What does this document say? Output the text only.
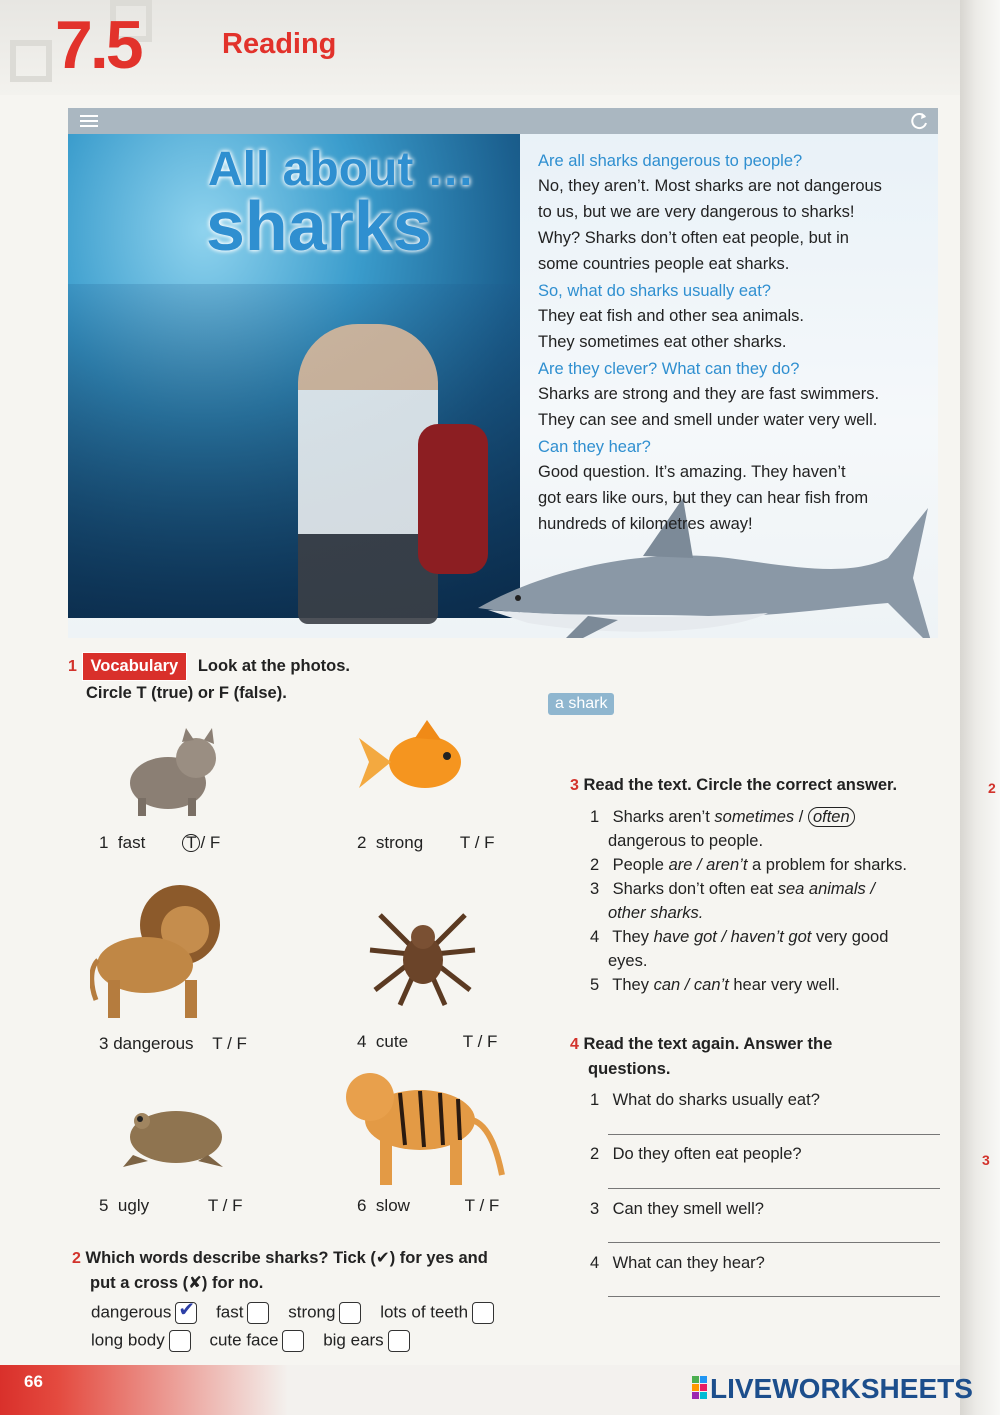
7.5	Reading
All about …
sharks

Are all sharks dangerous to people?

No, they aren’t. Most sharks are not dangerous

to us, but we are very dangerous to sharks!

Why? Sharks don’t often eat people, but in

some countries people eat sharks.

So, what do sharks usually eat?

They eat fish and other sea animals.

They sometimes eat other sharks.

Are they clever? What can they do?

Sharks are strong and they are fast swimmers.

They can see and smell under water very well.

Can they hear?

Good question. It’s amazing. They haven’t

got ears like ours, but they can hear fish from

hundreds of kilometres away!

a shark
1 Vocabulary Look at the photos.
Circle T (true) or F (false).
1 fast T / F	2 strong T / F
3 dangerous T / F	4 cute	T / F
5 ugly	T / F	6 slow	T / F
2 Which words describe sharks? Tick (✔) for yes and
put a cross (✘) for no.
dangerous ✔ fast	strong	lots of teeth
long body	cute face	big ears
3 Read the text. Circle the correct answer.
1 Sharks aren’t sometimes / often
dangerous to people.
2 People are / aren’t a problem for sharks.
3 Sharks don’t often eat sea animals /
other sharks.
4 They have got / haven’t got very good
eyes.
5 They can / can’t hear very well.
4 Read the text again. Answer the
questions.
1 What do sharks usually eat?
2 Do they often eat people?
3 Can they smell well?
4 What can they hear?
66
2
3
LIVEWORKSHEETS
